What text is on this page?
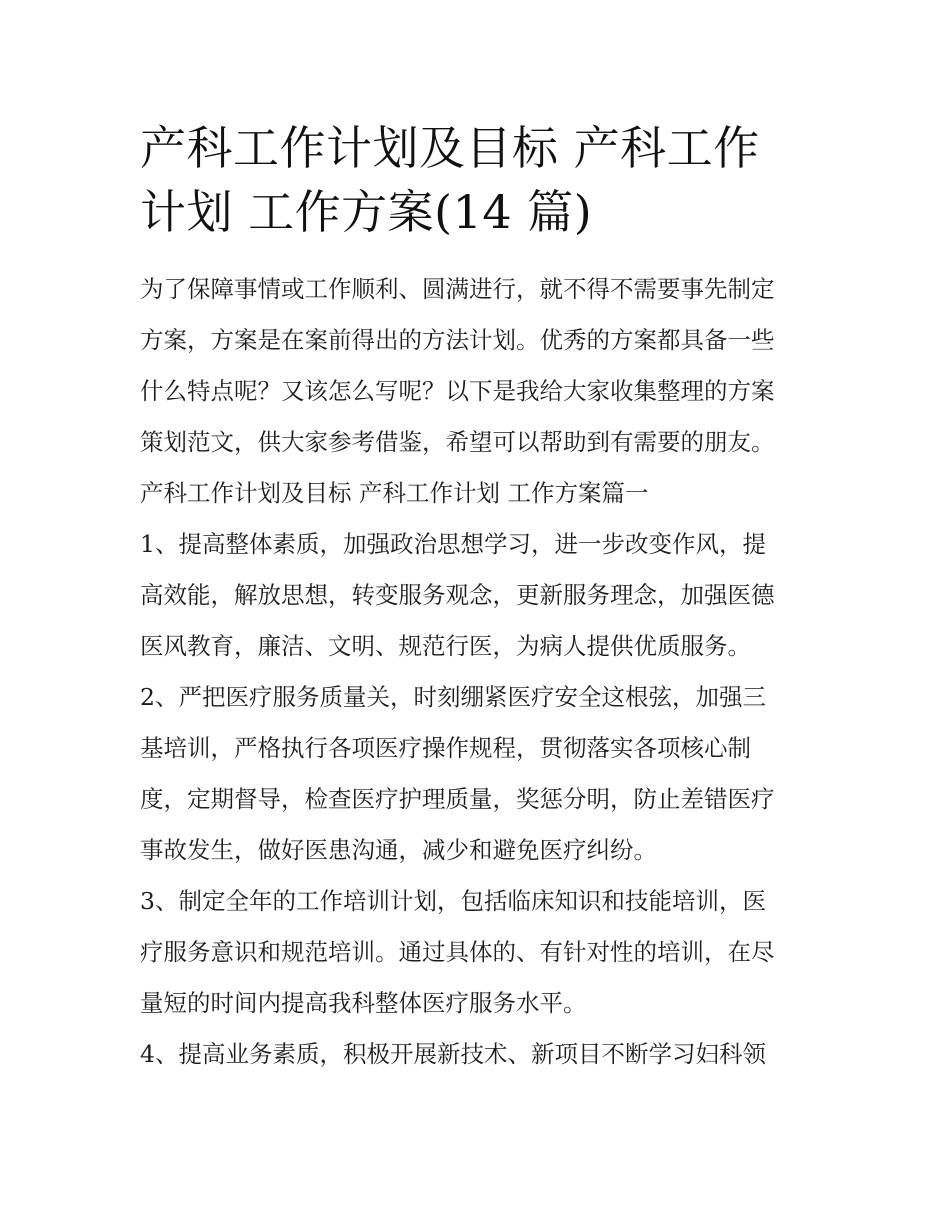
产科工作计划及目标 产科工作
计划 工作方案(14 篇)
为了保障事情或工作顺利、圆满进行，就不得不需要事先制定
方案，方案是在案前得出的方法计划。优秀的方案都具备一些
什么特点呢？又该怎么写呢？以下是我给大家收集整理的方案
策划范文，供大家参考借鉴，希望可以帮助到有需要的朋友。
产科工作计划及目标 产科工作计划 工作方案篇一
1、提高整体素质，加强政治思想学习，进一步改变作风，提
高效能，解放思想，转变服务观念，更新服务理念，加强医德
医风教育，廉洁、文明、规范行医，为病人提供优质服务。
2、严把医疗服务质量关，时刻绷紧医疗安全这根弦，加强三
基培训，严格执行各项医疗操作规程，贯彻落实各项核心制
度，定期督导，检查医疗护理质量，奖惩分明，防止差错医疗
事故发生，做好医患沟通，减少和避免医疗纠纷。
3、制定全年的工作培训计划，包括临床知识和技能培训，医
疗服务意识和规范培训。通过具体的、有针对性的培训，在尽
量短的时间内提高我科整体医疗服务水平。
4、提高业务素质，积极开展新技术、新项目不断学习妇科领
